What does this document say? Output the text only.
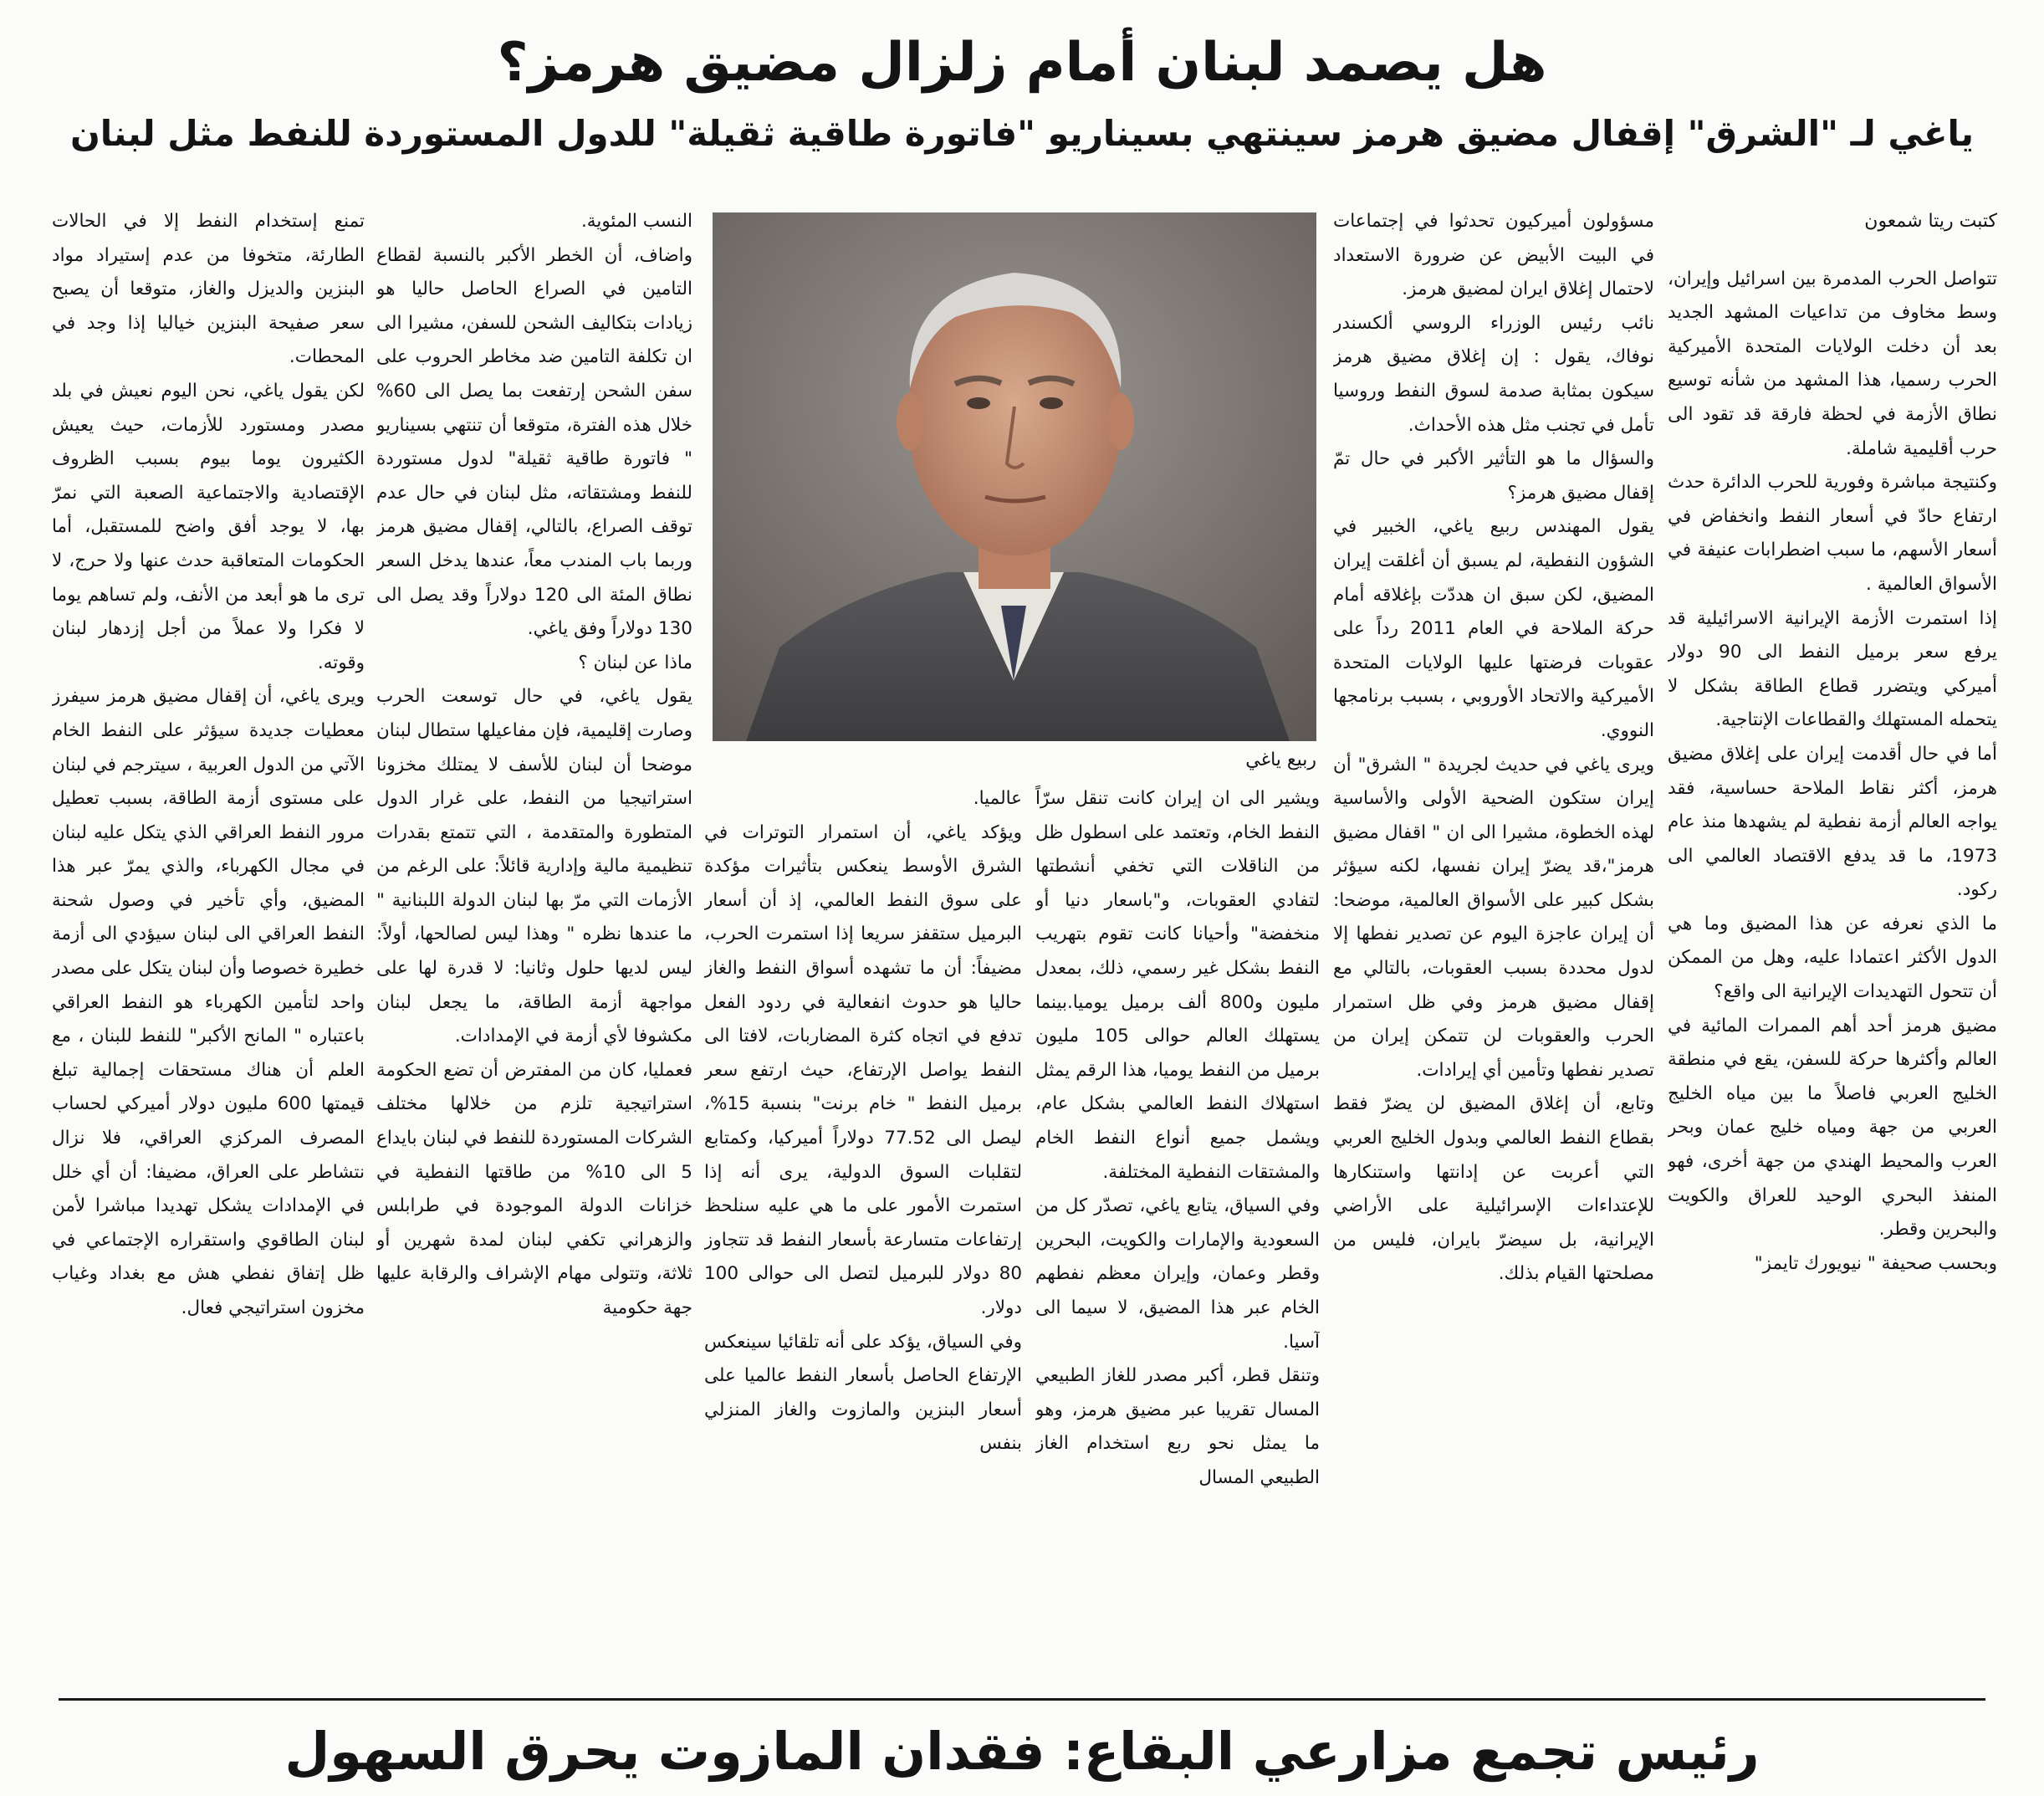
هل يصمد لبنان أمام زلزال مضيق هرمز؟
ياغي لـ "الشرق" إقفال مضيق هرمز سينتهي بسيناريو "فاتورة طاقية ثقيلة" للدول المستوردة للنفط مثل لبنان

كتبت ريتا شمعون

تتواصل الحرب المدمرة بين اسرائيل وإيران، وسط مخاوف من تداعيات المشهد الجديد بعد أن دخلت الولايات المتحدة الأميركية الحرب رسميا، هذا المشهد من شأنه توسيع نطاق الأزمة في لحظة فارقة قد تقود الى حرب أقليمية شاملة.

وكنتيجة مباشرة وفورية للحرب الدائرة حدث ارتفاع حادّ في أسعار النفط وانخفاض في أسعار الأسهم، ما سبب اضطرابات عنيفة في الأسواق العالمية .

إذا استمرت الأزمة الإيرانية الاسرائيلية قد يرفع سعر برميل النفط الى 90 دولار أميركي ويتضرر قطاع الطاقة بشكل لا يتحمله المستهلك والقطاعات الإنتاجية.

أما في حال أقدمت إيران على إغلاق مضيق هرمز، أكثر نقاط الملاحة حساسية، فقد يواجه العالم أزمة نفطية لم يشهدها منذ عام 1973، ما قد يدفع الاقتصاد العالمي الى ركود.

ما الذي نعرفه عن هذا المضيق وما هي الدول الأكثر اعتمادا عليه، وهل من الممكن أن تتحول التهديدات الإيرانية الى واقع؟

مضيق هرمز أحد أهم الممرات المائية في العالم وأكثرها حركة للسفن، يقع في منطقة الخليج العربي فاصلاً ما بين مياه الخليج العربي من جهة ومياه خليج عمان وبحر العرب والمحيط الهندي من جهة أخرى، فهو المنفذ البحري الوحيد للعراق والكويت والبحرين وقطر.

وبحسب صحيفة " نيويورك تايمز"

مسؤولون أميركيون تحدثوا في إجتماعات في البيت الأبيض عن ضرورة الاستعداد لاحتمال إغلاق ايران لمضيق هرمز.

نائب رئيس الوزراء الروسي ألكسندر نوفاك، يقول : إن إغلاق مضيق هرمز سيكون بمثابة صدمة لسوق النفط وروسيا تأمل في تجنب مثل هذه الأحداث.

والسؤال ما هو التأثير الأكبر في حال تمّ إقفال مضيق هرمز؟

يقول المهندس ربيع ياغي، الخبير في الشؤون النفطية، لم يسبق أن أغلقت إيران المضيق، لكن سبق ان هددّت بإغلاقه أمام حركة الملاحة في العام 2011 رداً على عقوبات فرضتها عليها الولايات المتحدة الأميركية والاتحاد الأوروبي ، بسبب برنامجها النووي.

ويرى ياغي في حديث لجريدة " الشرق" أن إيران ستكون الضحية الأولى والأساسية لهذه الخطوة، مشيرا الى ان " اقفال مضيق هرمز"،قد يضرّ إيران نفسها، لكنه سيؤثر بشكل كبير على الأسواق العالمية، موضحا: أن إيران عاجزة اليوم عن تصدير نفطها إلا لدول محددة بسبب العقوبات، بالتالي مع إقفال مضيق هرمز وفي ظل استمرار الحرب والعقوبات لن تتمكن إيران من تصدير نفطها وتأمين أي إيرادات.

وتابع، أن إغلاق المضيق لن يضرّ فقط بقطاع النفط العالمي وبدول الخليج العربي التي أعربت عن إدانتها واستنكارها للإعتداءات الإسرائيلية على الأراضي الإيرانية، بل سيضرّ بايران، فليس من مصلحتها القيام بذلك.

ربيع ياغي

ويشير الى ان إيران كانت تنقل سرّاً النفط الخام، وتعتمد على اسطول ظل من الناقلات التي تخفي أنشطتها لتفادي العقوبات، و"باسعار دنيا أو منخفضة" وأحيانا كانت تقوم بتهريب النفط بشكل غير رسمي، ذلك، بمعدل مليون و800 ألف برميل يوميا.بينما يستهلك العالم حوالى 105 مليون برميل من النفط يوميا، هذا الرقم يمثل استهلاك النفط العالمي بشكل عام، ويشمل جميع أنواع النفط الخام والمشتقات النفطية المختلفة.

وفي السياق، يتابع ياغي، تصدّر كل من السعودية والإمارات والكويت، البحرين وقطر وعمان، وإيران معظم نفطهم الخام عبر هذا المضيق، لا سيما الى آسيا.

وتنقل قطر، أكبر مصدر للغاز الطبيعي المسال تقريبا عبر مضيق هرمز، وهو ما يمثل نحو ربع استخدام الغاز الطبيعي المسال

عالميا.

ويؤكد ياغي، أن استمرار التوترات في الشرق الأوسط ينعكس بتأثيرات مؤكدة على سوق النفط العالمي، إذ أن أسعار البرميل ستقفز سريعا إذا استمرت الحرب، مضيفاً: أن ما تشهده أسواق النفط والغاز حاليا هو حدوث انفعالية في ردود الفعل تدفع في اتجاه كثرة المضاربات، لافتا الى النفط يواصل الإرتفاع، حيث ارتفع سعر برميل النفط " خام برنت" بنسبة 15%، ليصل الى 77.52 دولاراً أميركيا، وكمتابع لتقلبات السوق الدولية، يرى أنه إذا استمرت الأمور على ما هي عليه سنلحظ إرتفاعات متسارعة بأسعار النفط قد تتجاوز 80 دولار للبرميل لتصل الى حوالى 100 دولار.

وفي السياق، يؤكد على أنه تلقائيا سينعكس الإرتفاع الحاصل بأسعار النفط عالميا على أسعار البنزين والمازوت والغاز المنزلي بنفس

النسب المئوية.

واضاف، أن الخطر الأكبر بالنسبة لقطاع التامين في الصراع الحاصل حاليا هو زيادات بتكاليف الشحن للسفن، مشيرا الى ان تكلفة التامين ضد مخاطر الحروب على سفن الشحن إرتفعت بما يصل الى 60% خلال هذه الفترة، متوقعا أن تنتهي بسيناريو " فاتورة طاقية ثقيلة" لدول مستوردة للنفط ومشتقاته، مثل لبنان في حال عدم توقف الصراع، بالتالي، إقفال مضيق هرمز وربما باب المندب معاً، عندها يدخل السعر نطاق المئة الى 120 دولاراً وقد يصل الى 130 دولاراً وفق ياغي.

ماذا عن لبنان ؟

يقول ياغي، في حال توسعت الحرب وصارت إقليمية، فإن مفاعيلها ستطال لبنان موضحا أن لبنان للأسف لا يمتلك مخزونا استراتيجيا من النفط، على غرار الدول المتطورة والمتقدمة ، التي تتمتع بقدرات تنظيمية مالية وإدارية قائلاً: على الرغم من الأزمات التي مرّ بها لبنان الدولة اللبنانية " ما عندها نظره " وهذا ليس لصالحها، أولاً: ليس لديها حلول وثانيا: لا قدرة لها على مواجهة أزمة الطاقة، ما يجعل لبنان مكشوفا لأي أزمة في الإمدادات.

فعمليا، كان من المفترض أن تضع الحكومة استراتيجية تلزم من خلالها مختلف الشركات المستوردة للنفط في لبنان بايداع 5 الى 10% من طاقتها النفطية في خزانات الدولة الموجودة في طرابلس والزهراني تكفي لبنان لمدة شهرين أو ثلاثة، وتتولى مهام الإشراف والرقابة عليها جهة حكومية

تمنع إستخدام النفط إلا في الحالات الطارئة، متخوفا من عدم إستيراد مواد البنزين والديزل والغاز، متوقعا أن يصبح سعر صفيحة البنزين خياليا إذا وجد في المحطات.

لكن يقول ياغي، نحن اليوم نعيش في بلد مصدر ومستورد للأزمات، حيث يعيش الكثيرون يوما بيوم بسبب الظروف الإقتصادية والاجتماعية الصعبة التي نمرّ بها، لا يوجد أفق واضح للمستقبل، أما الحكومات المتعاقبة حدث عنها ولا حرج، لا ترى ما هو أبعد من الأنف، ولم تساهم يوما لا فكرا ولا عملاً من أجل إزدهار لبنان وقوته.

ويرى ياغي، أن إقفال مضيق هرمز سيفرز معطيات جديدة سيؤثر على النفط الخام الآتي من الدول العربية ، سيترجم في لبنان على مستوى أزمة الطاقة، بسبب تعطيل مرور النفط العراقي الذي يتكل عليه لبنان في مجال الكهرباء، والذي يمرّ عبر هذا المضيق، وأي تأخير في وصول شحنة النفط العراقي الى لبنان سيؤدي الى أزمة خطيرة خصوصا وأن لبنان يتكل على مصدر واحد لتأمين الكهرباء هو النفط العراقي باعتباره " المانح الأكبر" للنفط للبنان ، مع العلم أن هناك مستحقات إجمالية تبلغ قيمتها 600 مليون دولار أميركي لحساب المصرف المركزي العراقي، فلا نزال نتشاطر على العراق، مضيفا: أن أي خلل في الإمدادات يشكل تهديدا مباشرا لأمن لبنان الطاقوي واستقراره الإجتماعي في ظل إتفاق نفطي هش مع بغداد وغياب مخزون استراتيجي فعال.

رئيس تجمع مزارعي البقاع: فقدان المازوت يحرق السهول
